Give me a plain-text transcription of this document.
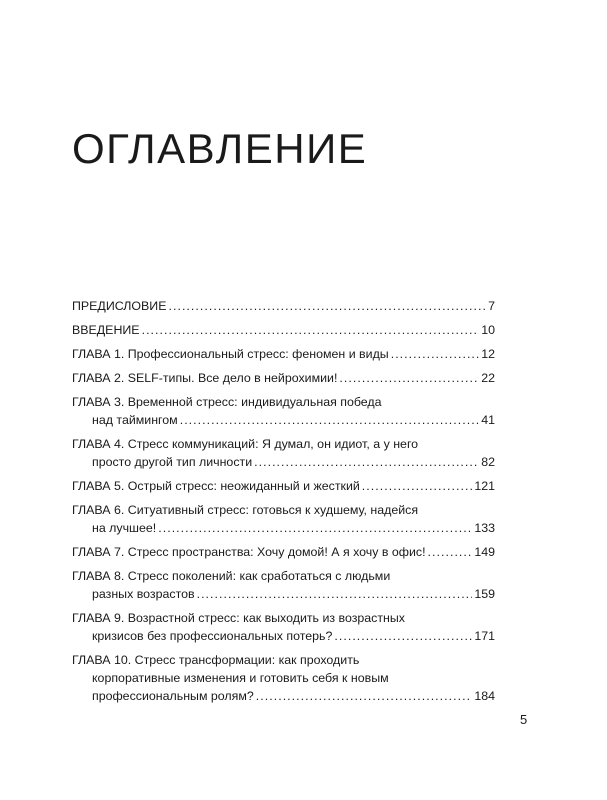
ОГЛАВЛЕНИЕ
ПРЕДИСЛОВИЕ . . .	7
ВВЕДЕНИЕ . . .	10
ГЛАВА 1. Профессиональный стресс: феномен и виды . . .	12
ГЛАВА 2. SELF-типы. Все дело в нейрохимии! . . .	22
ГЛАВА 3. Временной стресс: индивидуальная победа
над таймингом . . .	41
ГЛАВА 4. Стресс коммуникаций: Я думал, он идиот, а у него
просто другой тип личности . . .	82
ГЛАВА 5. Острый стресс: неожиданный и жесткий . . .	121
ГЛАВА 6. Ситуативный стресс: готовься к худшему, надейся
на лучшее! . . .	133
ГЛАВА 7. Стресс пространства: Хочу домой! А я хочу в офис! . . .	149
ГЛАВА 8. Стресс поколений: как сработаться с людьми
разных возрастов . . .	159
ГЛАВА 9. Возрастной стресс: как выходить из возрастных
кризисов без профессиональных потерь? . . .	171
ГЛАВА 10. Стресс трансформации: как проходить
корпоративные изменения и готовить себя к новым
профессиональным ролям? . . .	184
5
